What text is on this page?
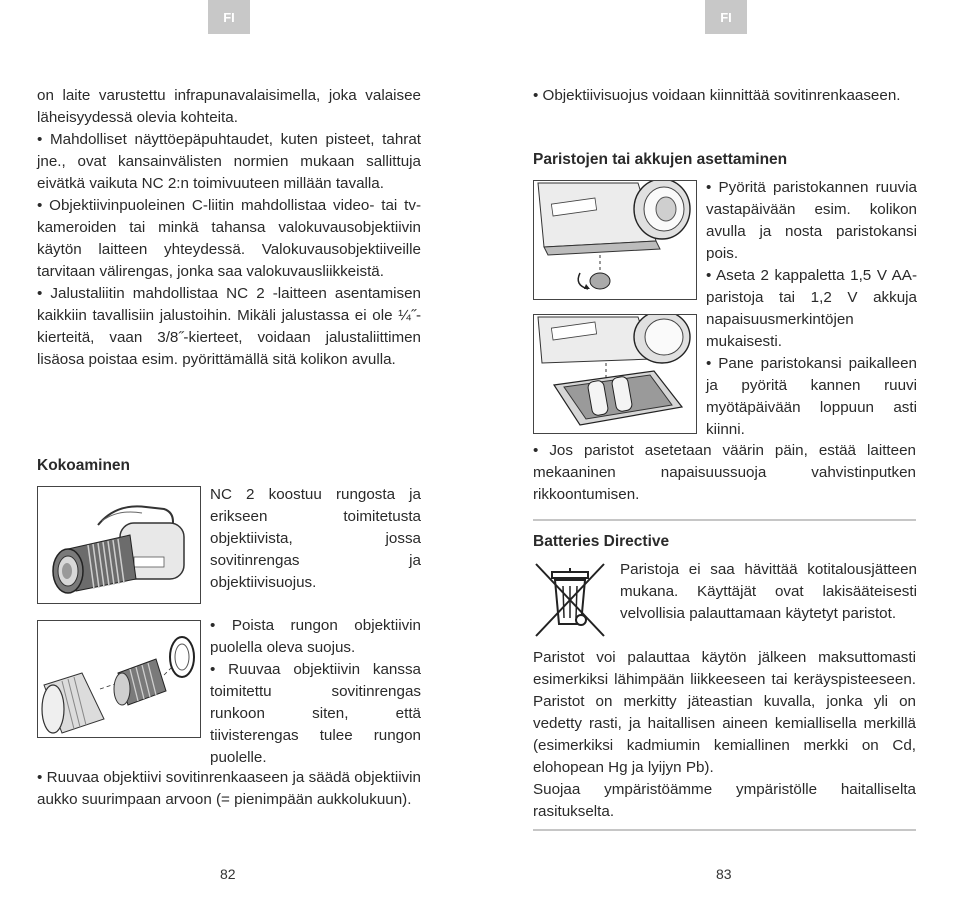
FI

on laite varustettu infrapunavalaisimella, joka valaisee läheisyydessä olevia kohteita.

• Mahdolliset näyttöepäpuhtaudet, kuten pisteet, tahrat jne., ovat kansainvälisten normien mukaan sallittuja eivätkä vaikuta NC 2:n toimivuuteen millään tavalla.

• Objektiivinpuoleinen C-liitin mahdollistaa video- tai tv-kameroiden tai minkä tahansa valokuvausobjektiivin käytön laitteen yhteydessä. Valokuvausobjektiiveille tarvitaan välirengas, jonka saa valokuvausliikkeistä.

• Jalustaliitin mahdollistaa NC 2 -laitteen asentamisen kaikkiin tavallisiin jalustoihin. Mikäli jalustassa ei ole ¼˝-kierteitä, vaan 3/8˝-kierteet, voidaan jalustaliittimen lisäosa poistaa esim. pyörittämällä sitä kolikon avulla.

Kokoaminen
NC 2 koostuu rungosta ja erikseen toimitetusta objektiivista, jossa sovitinrengas ja objektiivisuojus.

• Poista rungon objektiivin puolella oleva suojus.

• Ruuvaa objektiivin kanssa toimitettu sovitinrengas runkoon siten, että tiivisterengas tulee rungon puolelle.

• Ruuvaa objektiivi sovitinrenkaaseen ja säädä objektiivin aukko suurimpaan arvoon (= pienimpään aukkolukuun).
82
FI
• Objektiivisuojus voidaan kiinnittää sovitinrenkaaseen.
Paristojen tai akkujen asettaminen

• Pyöritä paristokannen ruuvia vastapäivään esim. kolikon avulla ja nosta paristokansi pois.

• Aseta 2 kappaletta 1,5 V AA-paristoja tai 1,2 V akkuja napaisuusmerkintöjen mukaisesti.

• Pane paristokansi paikalleen ja pyöritä kannen ruuvi myötäpäivään loppuun asti kiinni.

• Jos paristot asetetaan väärin päin, estää laitteen mekaaninen napaisuussuoja vahvistinputken rikkoontumisen.
Batteries Directive
Paristoja ei saa hävittää kotitalousjätteen mukana. Käyttäjät ovat lakisääteisesti velvollisia palauttamaan käytetyt paristot.

Paristot voi palauttaa käytön jälkeen maksuttomasti esimerkiksi lähimpään liikkeeseen tai keräyspisteeseen. Paristot on merkitty jäteastian kuvalla, jonka yli on vedetty rasti, ja haitallisen aineen kemiallisella merkillä (esimerkiksi kadmiumin kemiallinen merkki on Cd, elohopean Hg ja lyijyn Pb).

Suojaa ympäristöämme ympäristölle haitalliselta rasitukselta.

83
